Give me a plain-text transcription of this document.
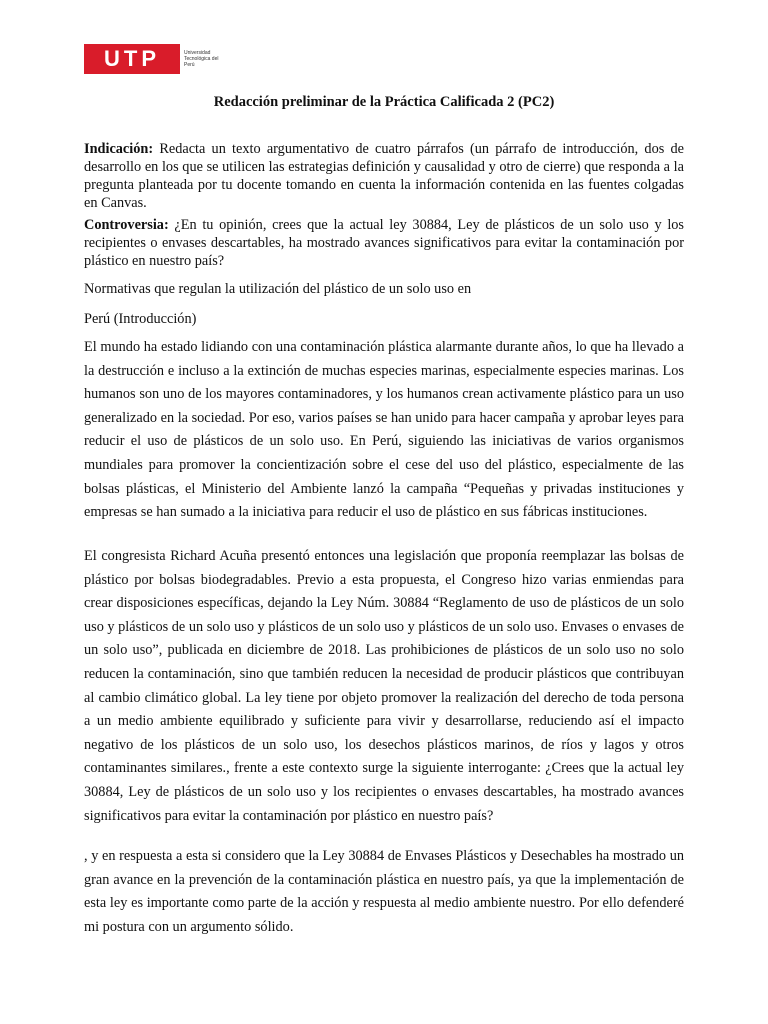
UTP	Universidad Tecnológica del Perú
Redacción preliminar de la Práctica Calificada 2 (PC2)

Indicación: Redacta un texto argumentativo de cuatro párrafos (un párrafo de introducción, dos de desarrollo en los que se utilicen las estrategias definición y causalidad y otro de cierre) que responda a la pregunta planteada por tu docente tomando en cuenta la información contenida en las fuentes colgadas en Canvas.

Controversia: ¿En tu opinión, crees que la actual ley 30884, Ley de plásticos de un solo uso y los recipientes o envases descartables, ha mostrado avances significativos para evitar la contaminación por plástico en nuestro país?

Normativas que regulan la utilización del plástico de un solo uso en

Perú (Introducción)

El mundo ha estado lidiando con una contaminación plástica alarmante durante años, lo que ha llevado a la destrucción e incluso a la extinción de muchas especies marinas, especialmente especies marinas. Los humanos son uno de los mayores contaminadores, y los humanos crean activamente plástico para un uso generalizado en la sociedad. Por eso, varios países se han unido para hacer campaña y aprobar leyes para reducir el uso de plásticos de un solo uso. En Perú, siguiendo las iniciativas de varios organismos mundiales para promover la concientización sobre el cese del uso del plástico, especialmente de las bolsas plásticas, el Ministerio del Ambiente lanzó la campaña “Pequeñas y privadas instituciones y empresas se han sumado a la iniciativa para reducir el uso de plástico en sus fábricas instituciones.

El congresista Richard Acuña presentó entonces una legislación que proponía reemplazar las bolsas de plástico por bolsas biodegradables. Previo a esta propuesta, el Congreso hizo varias enmiendas para crear disposiciones específicas, dejando la Ley Núm. 30884 “Reglamento de uso de plásticos de un solo uso y plásticos de un solo uso y plásticos de un solo uso y plásticos de un solo uso. Envases o envases de un solo uso”, publicada en diciembre de 2018. Las prohibiciones de plásticos de un solo uso no solo reducen la contaminación, sino que también reducen la necesidad de producir plásticos que contribuyan al cambio climático global. La ley tiene por objeto promover la realización del derecho de toda persona a un medio ambiente equilibrado y suficiente para vivir y desarrollarse, reduciendo así el impacto negativo de los plásticos de un solo uso, los desechos plásticos marinos, de ríos y lagos y otros contaminantes similares., frente a este contexto surge la siguiente interrogante: ¿Crees que la actual ley 30884, Ley de plásticos de un solo uso y los recipientes o envases descartables, ha mostrado avances significativos para evitar la contaminación por plástico en nuestro país?

, y en respuesta a esta si considero que la Ley 30884 de Envases Plásticos y Desechables ha mostrado un gran avance en la prevención de la contaminación plástica en nuestro país, ya que la implementación de esta ley es importante como parte de la acción y respuesta al medio ambiente nuestro. Por ello defenderé mi postura con un argumento sólido.
